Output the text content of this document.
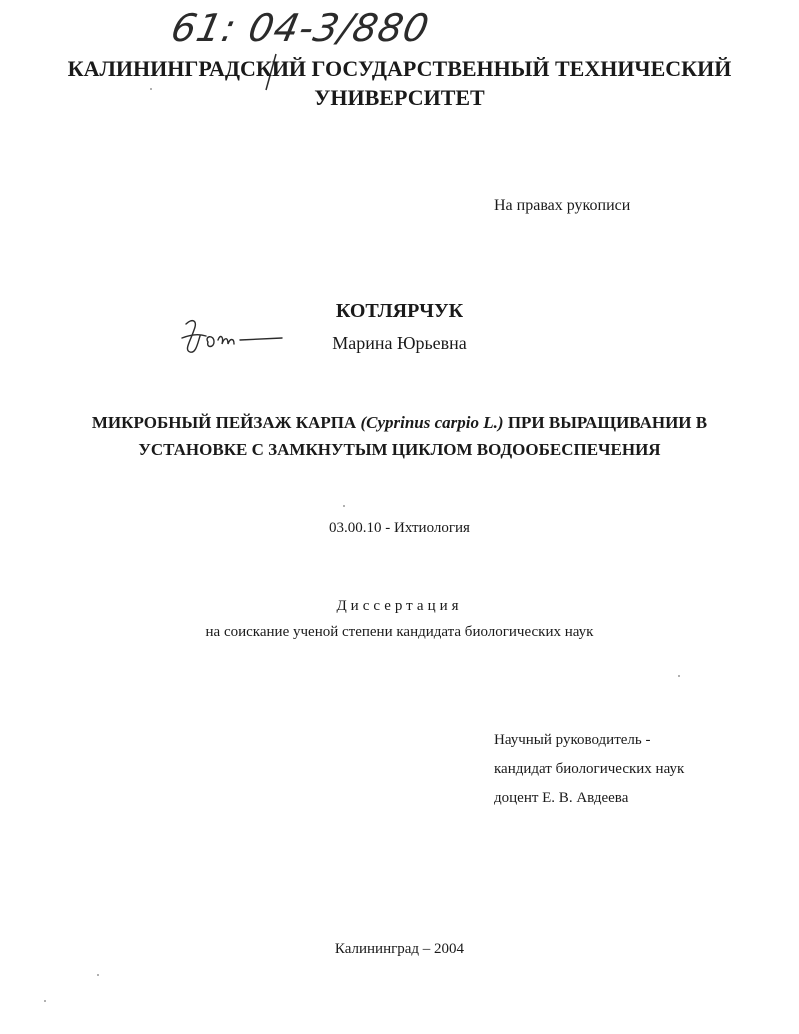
61: 04-3/880
КАЛИНИНГРАДСКИЙ ГОСУДАРСТВЕННЫЙ ТЕХНИЧЕСКИЙ
УНИВЕРСИТЕТ
На правах рукописи
КОТЛЯРЧУК
Марина Юрьевна
МИКРОБНЫЙ ПЕЙЗАЖ КАРПА (Cyprinus carpio L.) ПРИ ВЫРАЩИВАНИИ В
УСТАНОВКЕ С ЗАМКНУТЫМ ЦИКЛОМ ВОДООБЕСПЕЧЕНИЯ
03.00.10 - Ихтиология
Диссертация
на соискание ученой степени кандидата биологических наук
Научный руководитель -
кандидат биологических наук
доцент Е. В. Авдеева
Калининград – 2004
